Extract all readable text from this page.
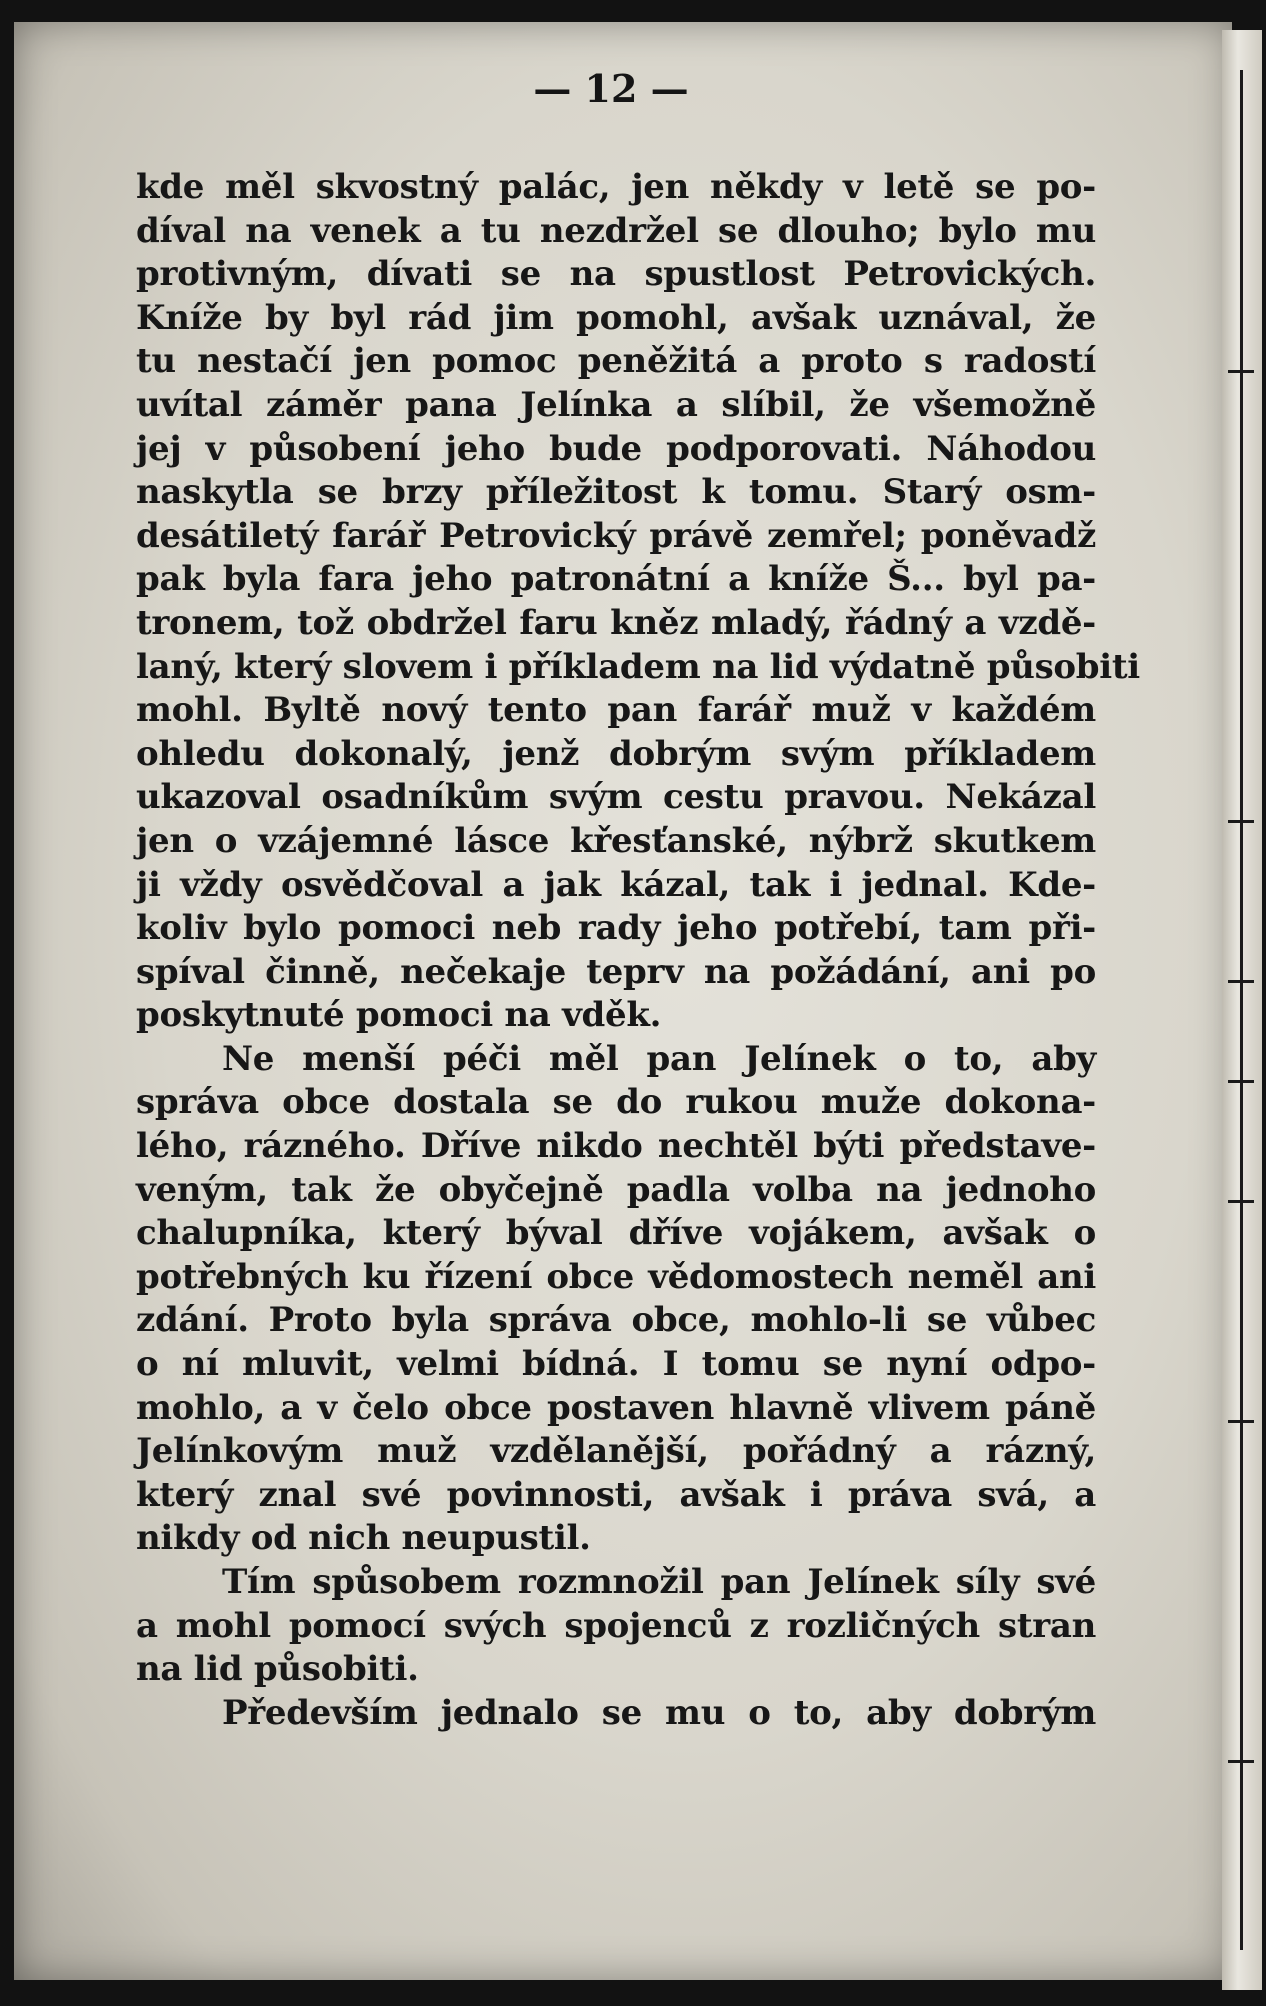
— 12 —
kde měl skvostný palác, jen někdy v letě se po-
díval na venek a tu nezdržel se dlouho; bylo mu
protivným, dívati se na spustlost Petrovických.
Kníže by byl rád jim pomohl, avšak uznával, že
tu nestačí jen pomoc peněžitá a proto s radostí
uvítal záměr pana Jelínka a slíbil, že všemožně
jej v působení jeho bude podporovati. Náhodou
naskytla se brzy příležitost k tomu. Starý osm-
desátiletý farář Petrovický právě zemřel; poněvadž
pak byla fara jeho patronátní a kníže Š... byl pa-
tronem, tož obdržel faru kněz mladý, řádný a vzdě-
laný, který slovem i příkladem na lid výdatně působiti
mohl. Byltě nový tento pan farář muž v každém
ohledu dokonalý, jenž dobrým svým příkladem
ukazoval osadníkům svým cestu pravou. Nekázal
jen o vzájemné lásce křesťanské, nýbrž skutkem
ji vždy osvědčoval a jak kázal, tak i jednal. Kde-
koliv bylo pomoci neb rady jeho potřebí, tam při-
spíval činně, nečekaje teprv na požádání, ani po
poskytnuté pomoci na vděk.
Ne menší péči měl pan Jelínek o to, aby
správa obce dostala se do rukou muže dokona-
lého, rázného. Dříve nikdo nechtěl býti představe-
veným, tak že obyčejně padla volba na jednoho
chalupníka, který býval dříve vojákem, avšak o
potřebných ku řízení obce vědomostech neměl ani
zdání. Proto byla správa obce, mohlo-li se vůbec
o ní mluvit, velmi bídná. I tomu se nyní odpo-
mohlo, a v čelo obce postaven hlavně vlivem páně
Jelínkovým muž vzdělanější, pořádný a rázný,
který znal své povinnosti, avšak i práva svá, a
nikdy od nich neupustil.
Tím spůsobem rozmnožil pan Jelínek síly své
a mohl pomocí svých spojenců z rozličných stran
na lid působiti.
Především jednalo se mu o to, aby dobrým
